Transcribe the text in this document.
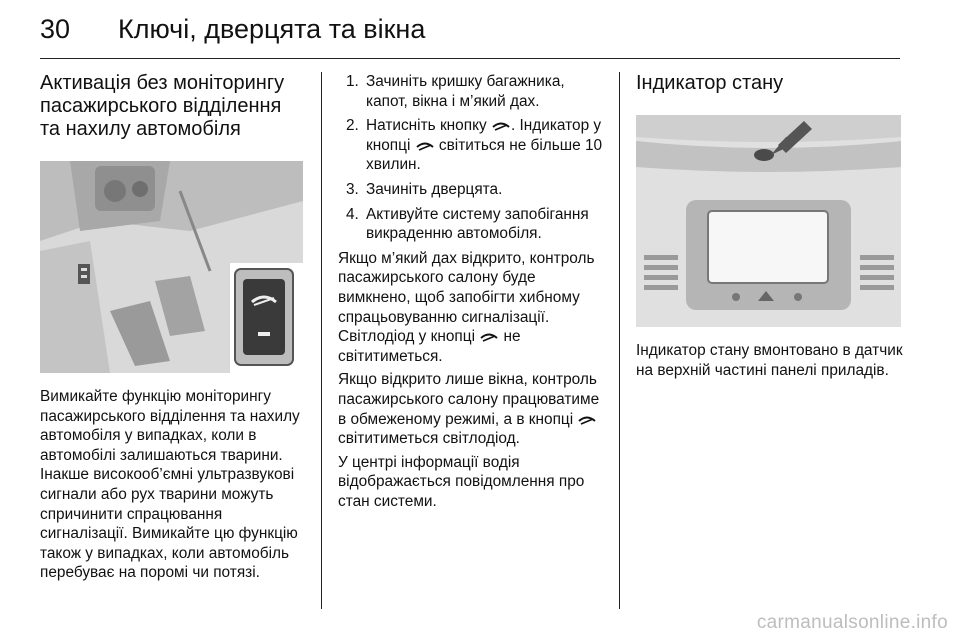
30 Ключі, дверцята та вікна
Активація без моніторингу пасажирського відділення та нахилу автомобіля

Вимикайте функцію моніторингу пасажирського відділення та нахилу автомобіля у випадках, коли в автомобілі залишаються тварини. Інакше високооб’ємні ультразвукові сигнали або рух тварини можуть спричинити спрацювання сигналізації. Вимикайте цю функцію також у випадках, коли автомобіль перебуває на поромі чи потязі.

1. Зачиніть кришку багажника, капот, вікна і м’який дах.
2. Натисніть кнопку . Індикатор у кнопці  світиться не більше 10 хвилин.
3. Зачиніть дверцята.
4. Активуйте систему запобігання викраденню автомобіля.

Якщо м’який дах відкрито, контроль пасажирського салону буде вимкнено, щоб запобігти хибному спрацьовуванню сигналізації. Світлодіод у кнопці  не світитиметься.

Якщо відкрито лише вікна, контроль пасажирського салону працюватиме в обмеженому режимі, а в кнопці  світитиметься світлодіод.

У центрі інформації водія відображається повідомлення про стан системи.

Індикатор стану

Індикатор стану вмонтовано в датчик на верхній частині панелі приладів.

carmanualsonline.info
